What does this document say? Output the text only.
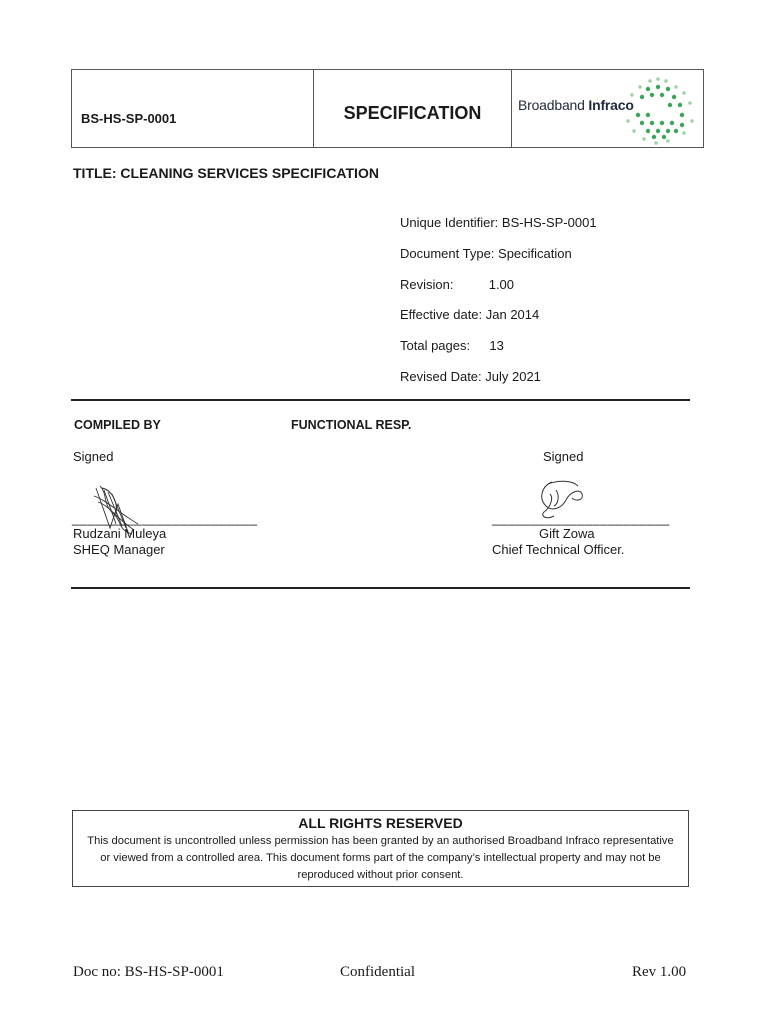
BS-HS-SP-0001	SPECIFICATION	Broadband Infraco
TITLE: CLEANING SERVICES SPECIFICATION
Unique Identifier: BS-HS-SP-0001
Document Type: Specification
Revision:	1.00
Effective date: Jan 2014
Total pages: 13
Revised Date: July 2021
COMPILED BY	FUNCTIONAL RESP.
Signed	Signed
________________________	_______________________
Rudzani Muleya
SHEQ Manager
Gift Zowa
Chief Technical Officer.
ALL RIGHTS RESERVED
This document is uncontrolled unless permission has been granted by an authorised Broadband Infraco representative or viewed from a controlled area. This document forms part of the company’s intellectual property and may not be reproduced without prior consent.
Doc no: BS-HS-SP-0001	Confidential	Rev 1.00
